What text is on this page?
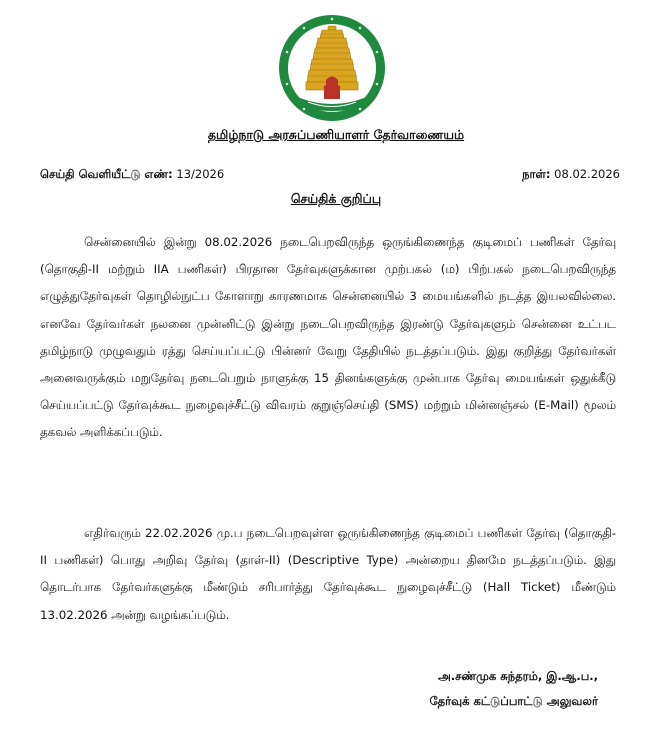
தமிழ்நாடு அரசுப்பணியாளர் தேர்வாணையம்
செய்தி வெளியீட்டு எண்: 13/2026	நாள்: 08.02.2026
செய்திக் குறிப்பு

சென்னையில் இன்று 08.02.2026 நடைபெறவிருந்த ஒருங்கிணைந்த குடிமைப் பணிகள் தேர்வு (தொகுதி-II மற்றும் IIA பணிகள்) பிரதான தேர்வுகளுக்கான முற்பகல் (ம) பிற்பகல் நடைபெறவிருந்த எழுத்துதேர்வுகள் தொழில்நுட்ப கோளாறு காரணமாக சென்னையில் 3 மையங்களில் நடத்த இயலவில்லை. எனவே தேர்வர்கள் நலனை முன்னிட்டு இன்று நடைபெறவிருந்த இரண்டு தேர்வுகளும் சென்னை உட்பட தமிழ்நாடு முழுவதும் ரத்து செய்யப்பட்டு பின்னர் வேறு தேதியில் நடத்தப்படும். இது குறித்து தேர்வர்கள் அனைவருக்கும் மறுதேர்வு நடைபெறும் நாளுக்கு 15 தினங்களுக்கு முன்பாக தேர்வு மையங்கள் ஒதுக்கீடு செய்யப்பட்டு தேர்வுக்கூட நுழைவுச்சீட்டு விவரம் குறுஞ்செய்தி (SMS) மற்றும் மின்னஞ்சல் (E-Mail) மூலம் தகவல் அளிக்கப்படும்.

எதிர்வரும் 22.02.2026 மு.ப நடைபெறவுள்ள ஒருங்கிணைந்த குடிமைப் பணிகள் தேர்வு (தொகுதி-II பணிகள்) பொது அறிவு தேர்வு (தாள்-II) (Descriptive Type) அன்றைய தினமே நடத்தப்படும். இது தொடர்பாக தேர்வர்களுக்கு மீண்டும் சரிபார்த்து தேர்வுக்கூட நுழைவுச்சீட்டு (Hall Ticket) மீண்டும் 13.02.2026 அன்று வழங்கப்படும்.

அ.சண்முக சுந்தரம், இ.ஆ.ப.,
தேர்வுக் கட்டுப்பாட்டு அலுவலர்
